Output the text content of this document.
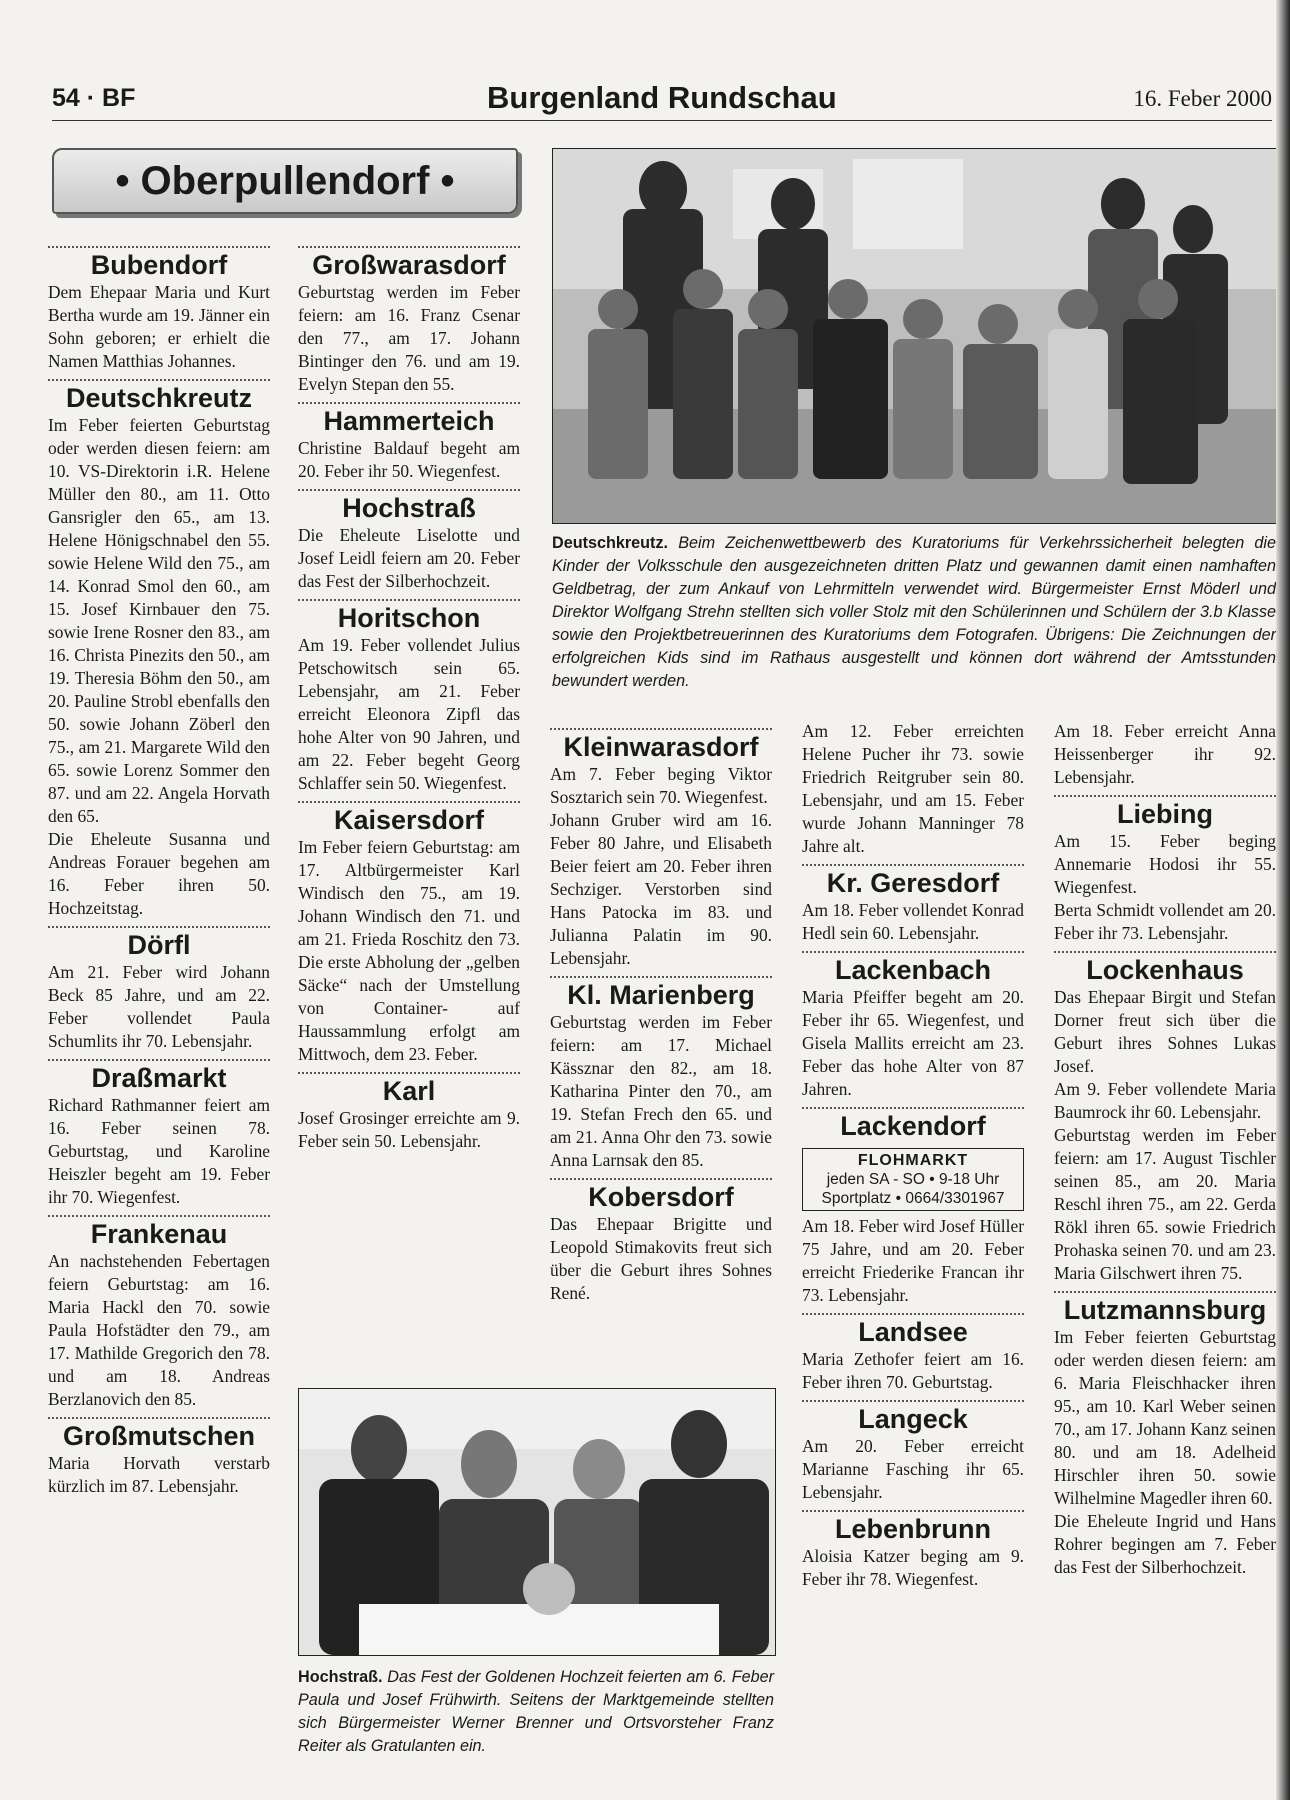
54 · BF	Burgenland Rundschau	16. Feber 2000
• Oberpullendorf •
Bubendorf

Dem Ehepaar Maria und Kurt Bertha wurde am 19. Jänner ein Sohn geboren; er erhielt die Namen Matthias Johannes.

Deutschkreutz

Im Feber feierten Geburtstag oder werden diesen feiern: am 10. VS-Direktorin i.R. Helene Müller den 80., am 11. Otto Gansrigler den 65., am 13. Helene Hönigschnabel den 55. sowie Helene Wild den 75., am 14. Konrad Smol den 60., am 15. Josef Kirnbauer den 75. sowie Irene Rosner den 83., am 16. Christa Pinezits den 50., am 19. Theresia Böhm den 50., am 20. Pauline Strobl ebenfalls den 50. sowie Johann Zöberl den 75., am 21. Margarete Wild den 65. sowie Lorenz Sommer den 87. und am 22. Angela Horvath den 65.

Die Eheleute Susanna und Andreas Forauer begehen am 16. Feber ihren 50. Hochzeitstag.

Dörfl

Am 21. Feber wird Johann Beck 85 Jahre, und am 22. Feber vollendet Paula Schumlits ihr 70. Lebensjahr.

Draßmarkt

Richard Rathmanner feiert am 16. Feber seinen 78. Geburtstag, und Karoline Heiszler begeht am 19. Feber ihr 70. Wiegenfest.

Frankenau

An nachstehenden Febertagen feiern Geburtstag: am 16. Maria Hackl den 70. sowie Paula Hofstädter den 79., am 17. Mathilde Gregorich den 78. und am 18. Andreas Berzlanovich den 85.

Großmutschen

Maria Horvath verstarb kürzlich im 87. Lebensjahr.

Großwarasdorf

Geburtstag werden im Feber feiern: am 16. Franz Csenar den 77., am 17. Johann Bintinger den 76. und am 19. Evelyn Stepan den 55.

Hammerteich

Christine Baldauf begeht am 20. Feber ihr 50. Wiegenfest.

Hochstraß

Die Eheleute Liselotte und Josef Leidl feiern am 20. Feber das Fest der Silberhochzeit.

Horitschon

Am 19. Feber vollendet Julius Petschowitsch sein 65. Lebensjahr, am 21. Feber erreicht Eleonora Zipfl das hohe Alter von 90 Jahren, und am 22. Feber begeht Georg Schlaffer sein 50. Wiegenfest.

Kaisersdorf

Im Feber feiern Geburtstag: am 17. Altbürgermeister Karl Windisch den 75., am 19. Johann Windisch den 71. und am 21. Frieda Roschitz den 73. Die erste Abholung der „gelben Säcke“ nach der Umstellung von Container- auf Haussammlung erfolgt am Mittwoch, dem 23. Feber.

Karl

Josef Grosinger erreichte am 9. Feber sein 50. Lebensjahr.

Deutschkreutz. Beim Zeichenwettbewerb des Kuratoriums für Verkehrssicherheit belegten die Kinder der Volksschule den ausgezeichneten dritten Platz und gewannen damit einen namhaften Geldbetrag, der zum Ankauf von Lehrmitteln verwendet wird. Bürgermeister Ernst Möderl und Direktor Wolfgang Strehn stellten sich voller Stolz mit den Schülerinnen und Schülern der 3.b Klasse sowie den Projektbetreuerinnen des Kuratoriums dem Fotografen. Übrigens: Die Zeichnungen der erfolgreichen Kids sind im Rathaus ausgestellt und können dort während der Amtsstunden bewundert werden.
Kleinwarasdorf

Am 7. Feber beging Viktor Sosztarich sein 70. Wiegenfest.

Johann Gruber wird am 16. Feber 80 Jahre, und Elisabeth Beier feiert am 20. Feber ihren Sechziger. Verstorben sind Hans Patocka im 83. und Julianna Palatin im 90. Lebensjahr.

Kl. Marienberg

Geburtstag werden im Feber feiern: am 17. Michael Kässznar den 82., am 18. Katharina Pinter den 70., am 19. Stefan Frech den 65. und am 21. Anna Ohr den 73. sowie Anna Larnsak den 85.

Kobersdorf

Das Ehepaar Brigitte und Leopold Stimakovits freut sich über die Geburt ihres Sohnes René.

Am 12. Feber erreichten Helene Pucher ihr 73. sowie Friedrich Reitgruber sein 80. Lebensjahr, und am 15. Feber wurde Johann Manninger 78 Jahre alt.

Kr. Geresdorf

Am 18. Feber vollendet Konrad Hedl sein 60. Lebensjahr.

Lackenbach

Maria Pfeiffer begeht am 20. Feber ihr 65. Wiegenfest, und Gisela Mallits erreicht am 23. Feber das hohe Alter von 87 Jahren.

Lackendorf
FLOHMARKT
jeden SA - SO • 9-18 Uhr
Sportplatz • 0664/3301967

Am 18. Feber wird Josef Hüller 75 Jahre, und am 20. Feber erreicht Friederike Francan ihr 73. Lebensjahr.

Landsee

Maria Zethofer feiert am 16. Feber ihren 70. Geburtstag.

Langeck

Am 20. Feber erreicht Marianne Fasching ihr 65. Lebensjahr.

Lebenbrunn

Aloisia Katzer beging am 9. Feber ihr 78. Wiegenfest.

Am 18. Feber erreicht Anna Heissenberger ihr 92. Lebensjahr.

Liebing

Am 15. Feber beging Annemarie Hodosi ihr 55. Wiegenfest.

Berta Schmidt vollendet am 20. Feber ihr 73. Lebensjahr.

Lockenhaus

Das Ehepaar Birgit und Stefan Dorner freut sich über die Geburt ihres Sohnes Lukas Josef.

Am 9. Feber vollendete Maria Baumrock ihr 60. Lebensjahr.

Geburtstag werden im Feber feiern: am 17. August Tischler seinen 85., am 20. Maria Reschl ihren 75., am 22. Gerda Rökl ihren 65. sowie Friedrich Prohaska seinen 70. und am 23. Maria Gilschwert ihren 75.

Lutzmannsburg

Im Feber feierten Geburtstag oder werden diesen feiern: am 6. Maria Fleischhacker ihren 95., am 10. Karl Weber seinen 70., am 17. Johann Kanz seinen 80. und am 18. Adelheid Hirschler ihren 50. sowie Wilhelmine Magedler ihren 60.

Die Eheleute Ingrid und Hans Rohrer begingen am 7. Feber das Fest der Silberhochzeit.

Hochstraß. Das Fest der Goldenen Hochzeit feierten am 6. Feber Paula und Josef Frühwirth. Seitens der Marktgemeinde stellten sich Bürgermeister Werner Brenner und Ortsvorsteher Franz Reiter als Gratulanten ein.
